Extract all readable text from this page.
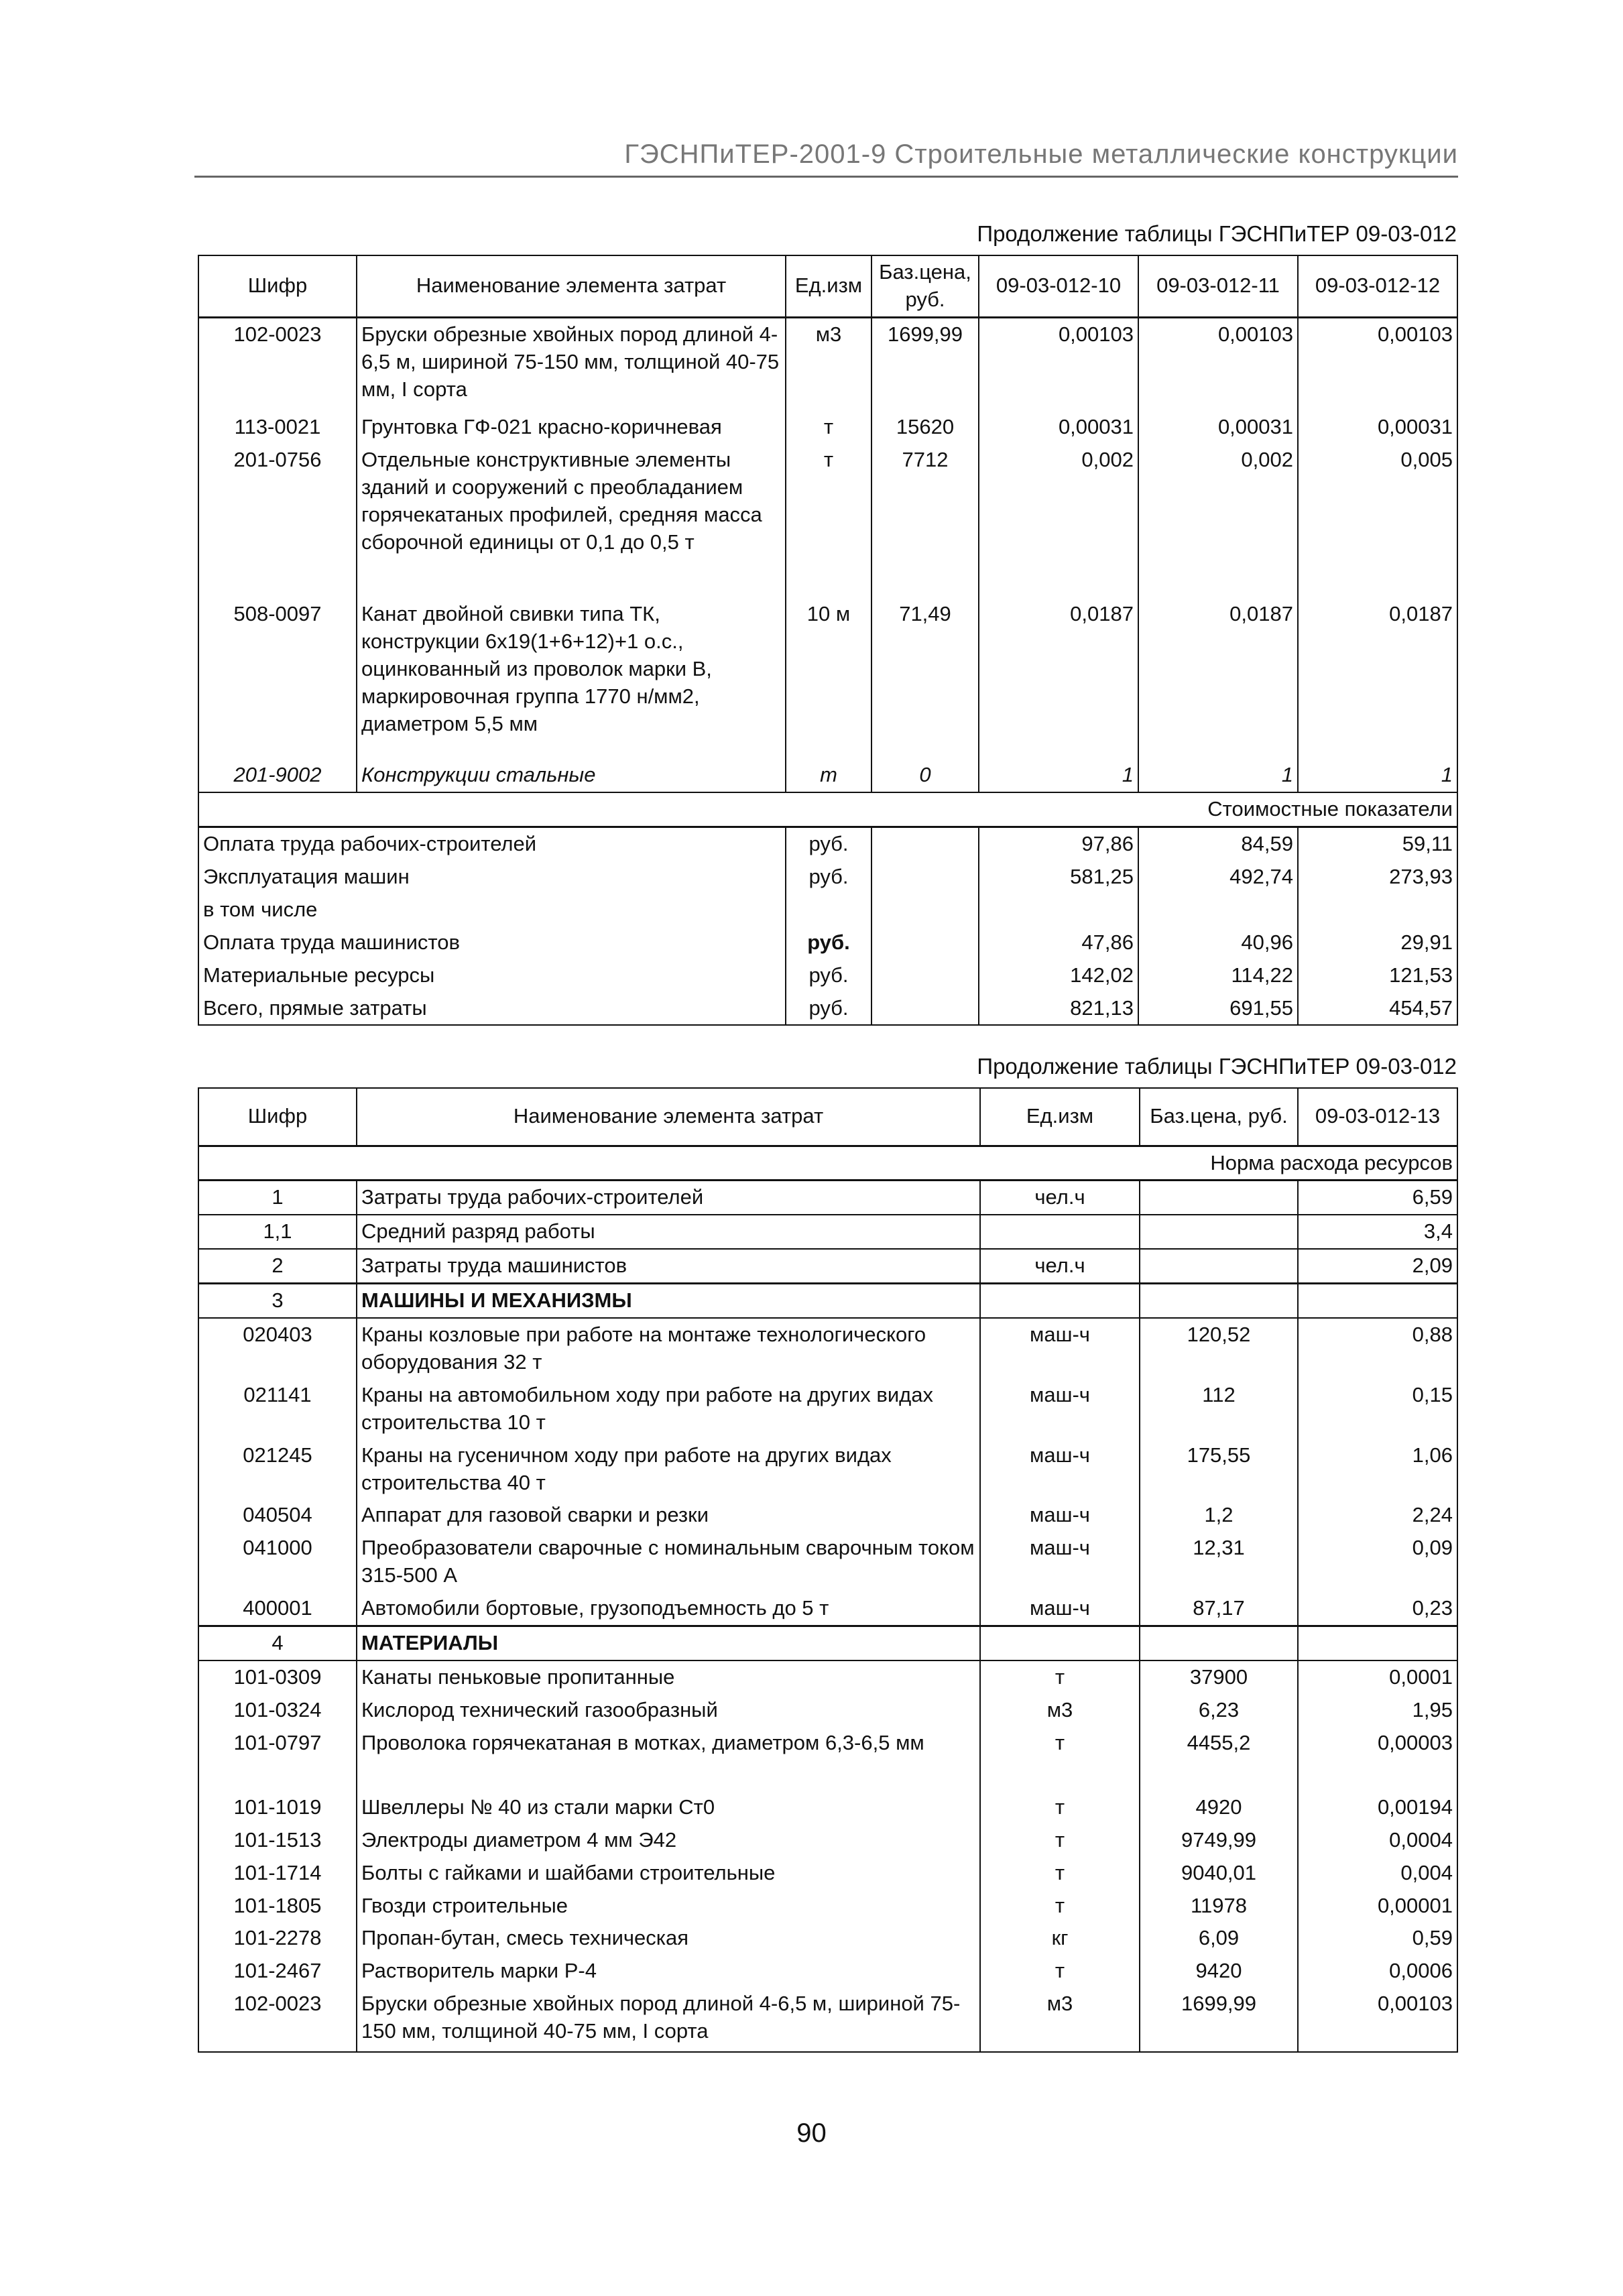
ГЭСНПиТЕР-2001-9 Строительные металлические конструкции
Продолжение таблицы ГЭСНПиТЕР 09-03-012
Шифр	Наименование элемента затрат	Ед.изм	Баз.цена, руб.	09-03-012-10	09-03-012-11	09-03-012-12
102-0023	Бруски обрезные хвойных пород длиной 4-6,5 м, шириной 75-150 мм, толщиной 40-75 мм, I сорта	м3	1699,99	0,00103	0,00103	0,00103
113-0021	Грунтовка ГФ-021 красно-коричневая	т	15620	0,00031	0,00031	0,00031
201-0756	Отдельные конструктивные элементы зданий и сооружений с преобладанием горячекатаных профилей, средняя масса сборочной единицы от 0,1 до 0,5 т	т	7712	0,002	0,002	0,005
508-0097	Канат двойной свивки типа ТК, конструкции 6х19(1+6+12)+1 о.с., оцинкованный из проволок марки В, маркировочная группа 1770 н/мм2, диаметром 5,5 мм	10 м	71,49	0,0187	0,0187	0,0187
201-9002	Конструкции стальные	т	0	1	1	1
Стоимостные показатели						
Оплата труда рабочих-строителей		руб.		97,86	84,59	59,11
Эксплуатация машин		руб.		581,25	492,74	273,93
в том числе						
Оплата труда машинистов		руб.		47,86	40,96	29,91
Материальные ресурсы		руб.		142,02	114,22	121,53
Всего, прямые затраты		руб.		821,13	691,55	454,57
Продолжение таблицы ГЭСНПиТЕР 09-03-012
Шифр	Наименование элемента затрат	Ед.изм	Баз.цена, руб.	09-03-012-13
Норма расхода ресурсов				
1	Затраты труда рабочих-строителей	чел.ч		6,59
1,1	Средний разряд работы			3,4
2	Затраты труда машинистов	чел.ч		2,09
3	МАШИНЫ И МЕХАНИЗМЫ			
020403	Краны козловые при работе на монтаже технологического оборудования 32 т	маш-ч	120,52	0,88
021141	Краны на автомобильном ходу при работе на других видах строительства 10 т	маш-ч	112	0,15
021245	Краны на гусеничном ходу при работе на других видах строительства 40 т	маш-ч	175,55	1,06
040504	Аппарат для газовой сварки и резки	маш-ч	1,2	2,24
041000	Преобразователи сварочные с номинальным сварочным током 315-500 А	маш-ч	12,31	0,09
400001	Автомобили бортовые, грузоподъемность до 5 т	маш-ч	87,17	0,23
4	МАТЕРИАЛЫ			
101-0309	Канаты пеньковые пропитанные	т	37900	0,0001
101-0324	Кислород технический газообразный	м3	6,23	1,95
101-0797	Проволока горячекатаная в мотках, диаметром 6,3-6,5 мм	т	4455,2	0,00003
101-1019	Швеллеры № 40 из стали марки Ст0	т	4920	0,00194
101-1513	Электроды диаметром 4 мм Э42	т	9749,99	0,0004
101-1714	Болты с гайками и шайбами строительные	т	9040,01	0,004
101-1805	Гвозди строительные	т	11978	0,00001
101-2278	Пропан-бутан, смесь техническая	кг	6,09	0,59
101-2467	Растворитель марки Р-4	т	9420	0,0006
102-0023	Бруски обрезные хвойных пород длиной 4-6,5 м, шириной 75-150 мм, толщиной 40-75 мм, I сорта	м3	1699,99	0,00103
90
